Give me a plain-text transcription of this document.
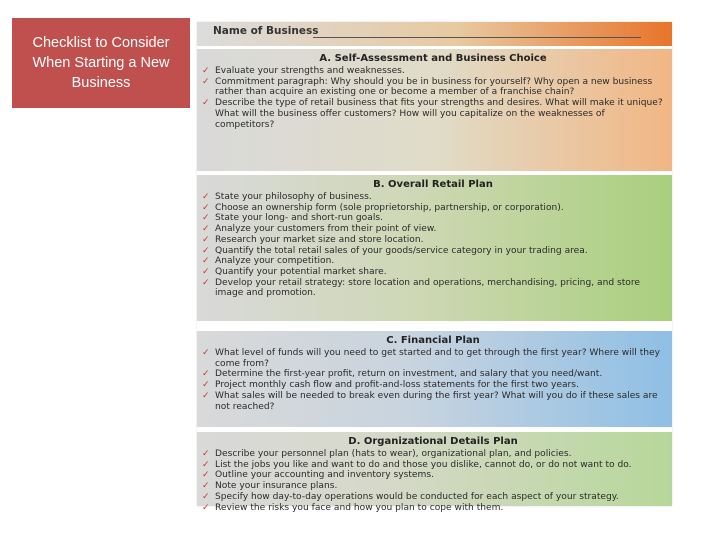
Checklist to Consider When Starting a New Business
Name of Business
A. Self-Assessment and Business Choice
✓ Evaluate your strengths and weaknesses.
✓ Commitment paragraph: Why should you be in business for yourself? Why open a new business rather than acquire an existing one or become a member of a franchise chain?
✓ Describe the type of retail business that fits your strengths and desires. What will make it unique? What will the business offer customers? How will you capitalize on the weaknesses of competitors?
B. Overall Retail Plan
✓ State your philosophy of business.
✓ Choose an ownership form (sole proprietorship, partnership, or corporation).
✓ State your long- and short-run goals.
✓ Analyze your customers from their point of view.
✓ Research your market size and store location.
✓ Quantify the total retail sales of your goods/service category in your trading area.
✓ Analyze your competition.
✓ Quantify your potential market share.
✓ Develop your retail strategy: store location and operations, merchandising, pricing, and store image and promotion.
C. Financial Plan
✓ What level of funds will you need to get started and to get through the first year? Where will they come from?
✓ Determine the first-year profit, return on investment, and salary that you need/want.
✓ Project monthly cash flow and profit-and-loss statements for the first two years.
✓ What sales will be needed to break even during the first year? What will you do if these sales are not reached?
D. Organizational Details Plan
✓ Describe your personnel plan (hats to wear), organizational plan, and policies.
✓ List the jobs you like and want to do and those you dislike, cannot do, or do not want to do.
✓ Outline your accounting and inventory systems.
✓ Note your insurance plans.
✓ Specify how day-to-day operations would be conducted for each aspect of your strategy.
✓ Review the risks you face and how you plan to cope with them.
